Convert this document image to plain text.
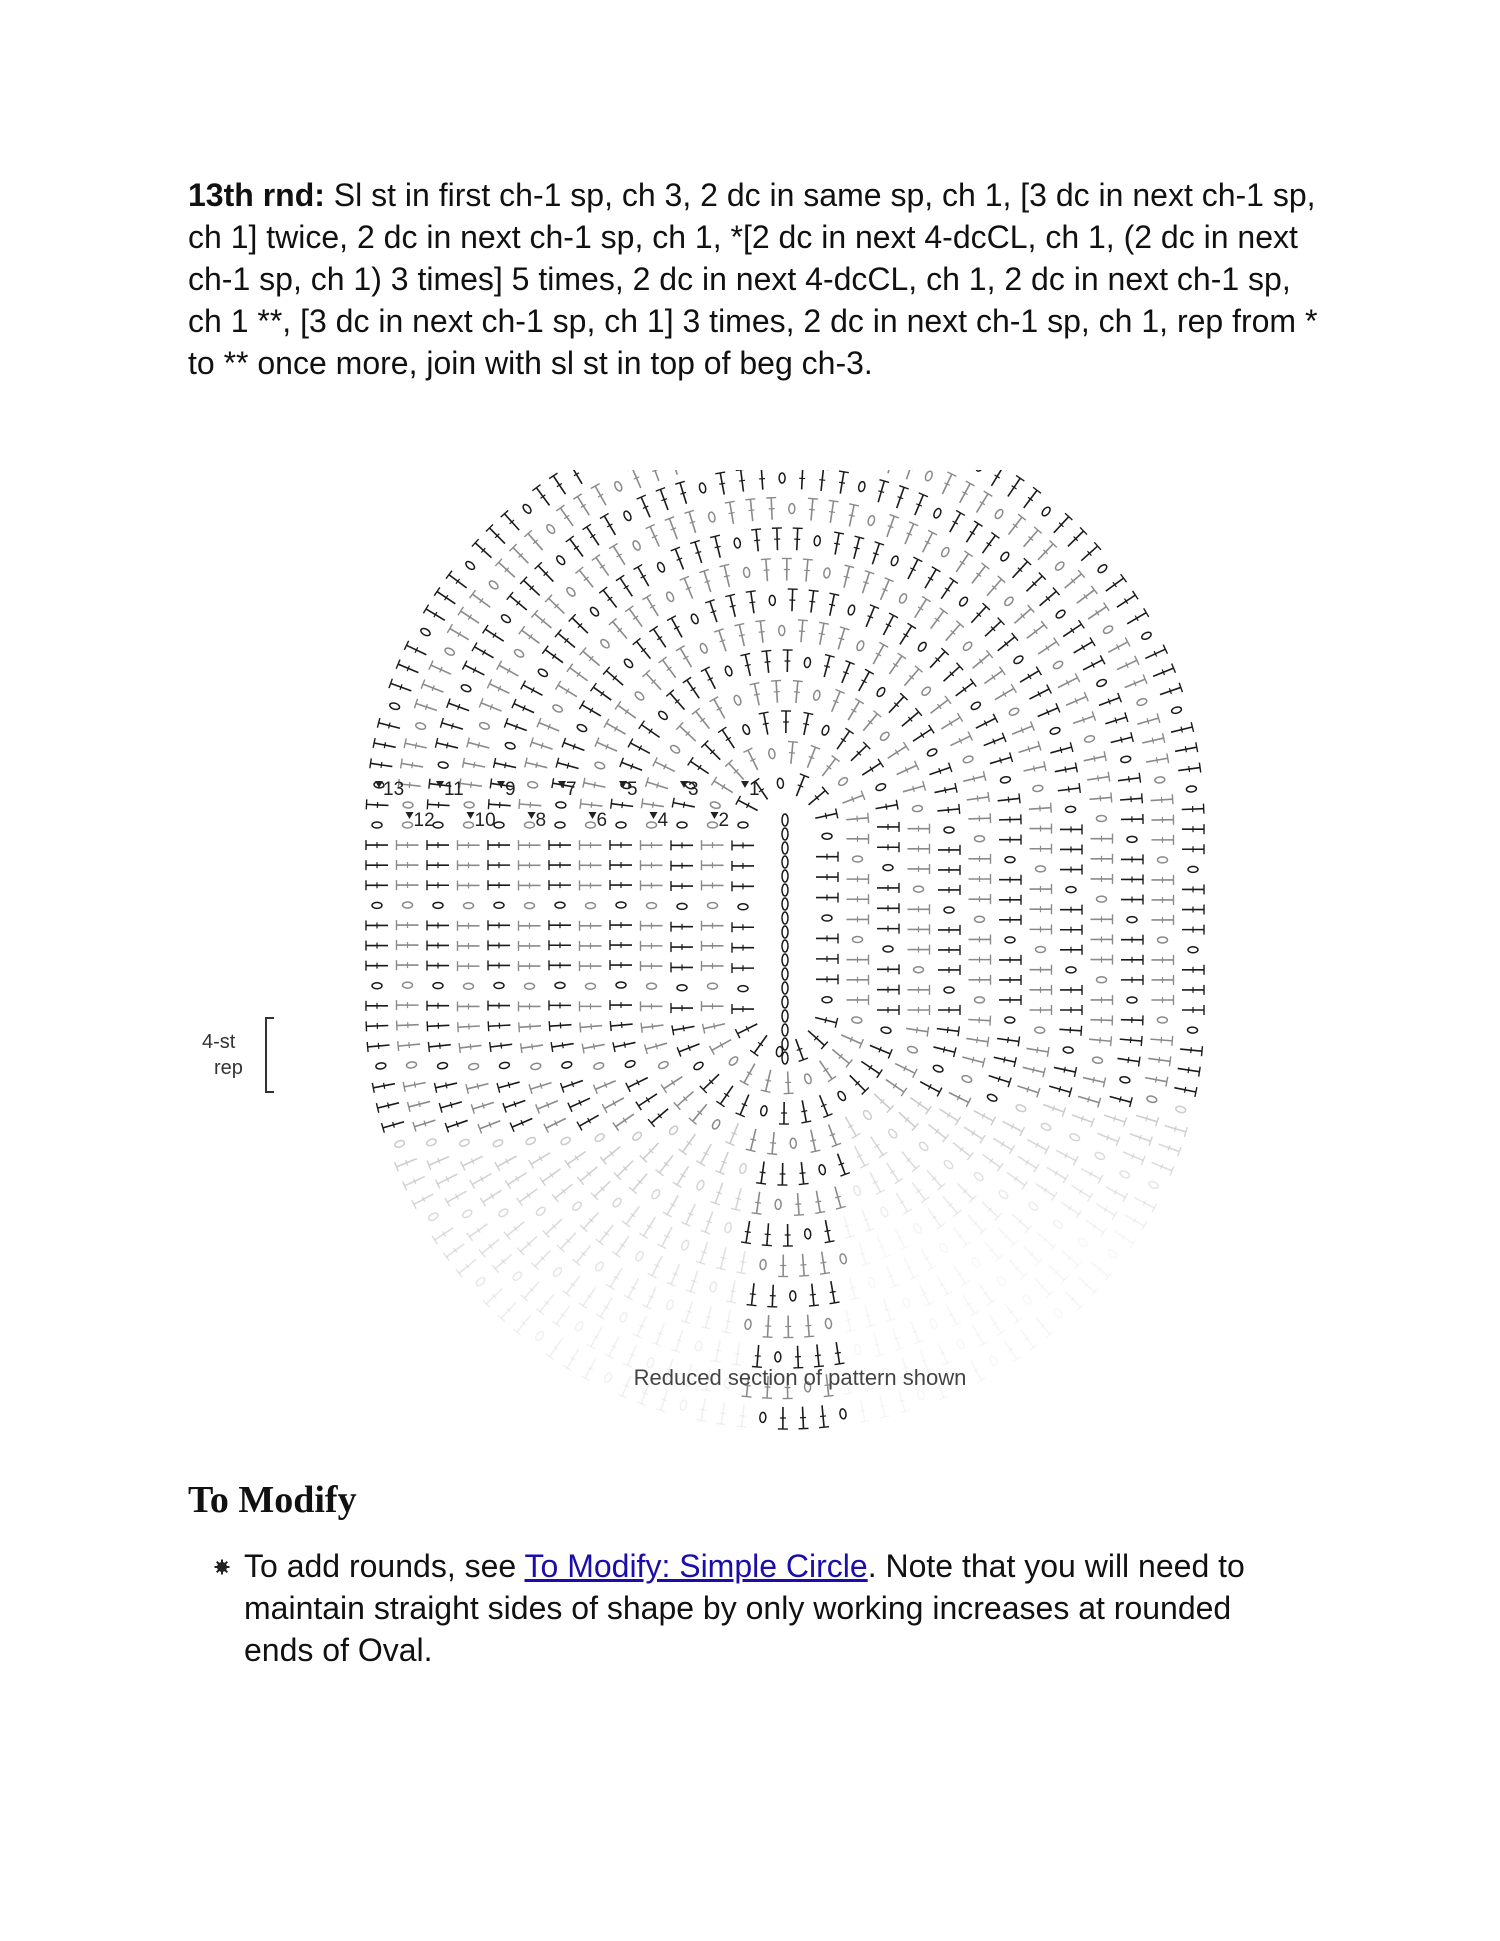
13th rnd: Sl st in first ch-1 sp, ch 3, 2 dc in same sp, ch 1, [3 dc in next ch-1 sp, ch 1] twice, 2 dc in next ch-1 sp, ch 1, *[2 dc in next 4-dcCL, ch 1, (2 dc in next ch-1 sp, ch 1) 3 times] 5 times, 2 dc in next 4-dcCL, ch 1, 2 dc in next ch-1 sp, ch 1 **, [3 dc in next ch-1 sp, ch 1] 3 times, 2 dc in next ch-1 sp, ch 1, rep from * to ** once more, join with sl st in top of beg ch-3.

13
12
11
10
9
8
7
6
5
4
3
2
1
4-st
rep
Reduced section of pattern shown
To Modify
To add rounds, see To Modify: Simple Circle. Note that you will need to maintain straight sides of shape by only working increases at rounded ends of Oval.
